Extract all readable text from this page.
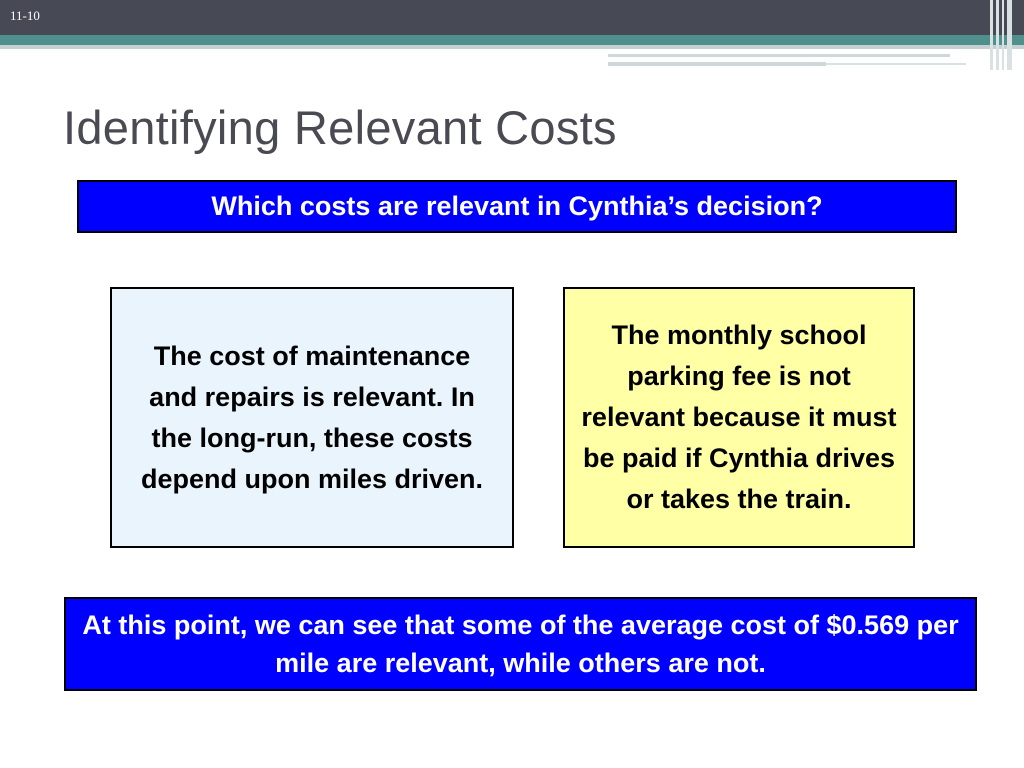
11-10
Identifying Relevant Costs
Which costs are relevant in Cynthia’s decision?
The cost of maintenance and repairs is relevant. In the long-run, these costs depend upon miles driven.
The monthly school parking fee is not relevant because it must be paid if Cynthia drives or takes the train.
At this point, we can see that some of the average cost of $0.569 per mile are relevant, while others are not.
